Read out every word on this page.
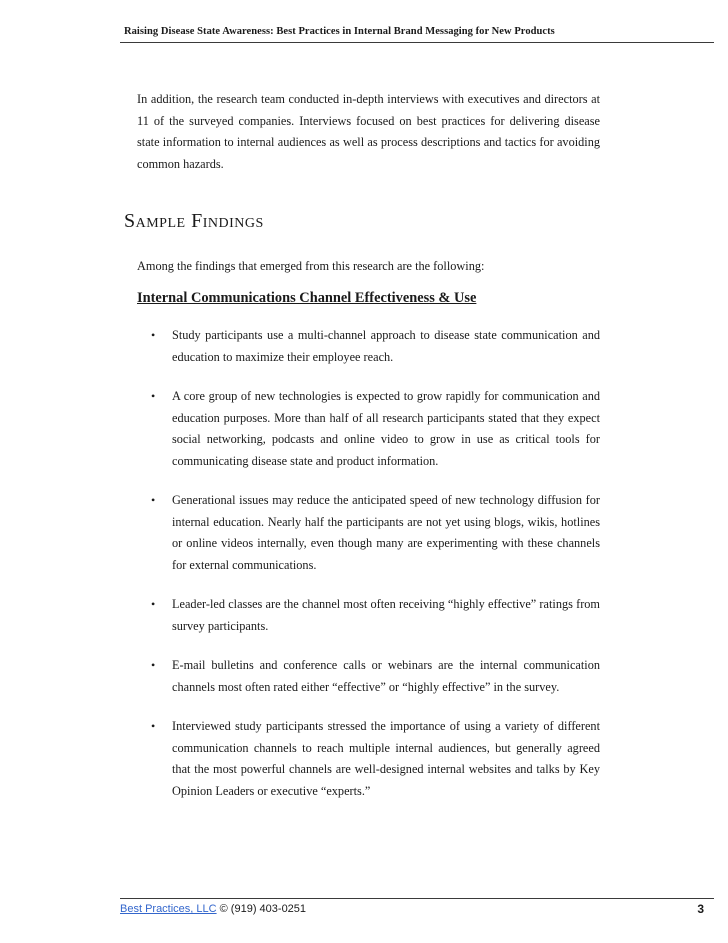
Raising Disease State Awareness: Best Practices in Internal Brand Messaging for New Products

In addition, the research team conducted in-depth interviews with executives and directors at 11 of the surveyed companies. Interviews focused on best practices for delivering disease state information to internal audiences as well as process descriptions and tactics for avoiding common hazards.

Sample Findings

Among the findings that emerged from this research are the following:

Internal Communications Channel Effectiveness & Use
• Study participants use a multi-channel approach to disease state communication and education to maximize their employee reach.
• A core group of new technologies is expected to grow rapidly for communication and education purposes. More than half of all research participants stated that they expect social networking, podcasts and online video to grow in use as critical tools for communicating disease state and product information.
• Generational issues may reduce the anticipated speed of new technology diffusion for internal education. Nearly half the participants are not yet using blogs, wikis, hotlines or online videos internally, even though many are experimenting with these channels for external communications.
• Leader-led classes are the channel most often receiving “highly effective” ratings from survey participants.
• E-mail bulletins and conference calls or webinars are the internal communication channels most often rated either “effective” or “highly effective” in the survey.
• Interviewed study participants stressed the importance of using a variety of different communication channels to reach multiple internal audiences, but generally agreed that the most powerful channels are well-designed internal websites and talks by Key Opinion Leaders or executive “experts.”
Best Practices, LLC © (919) 403-0251	3
